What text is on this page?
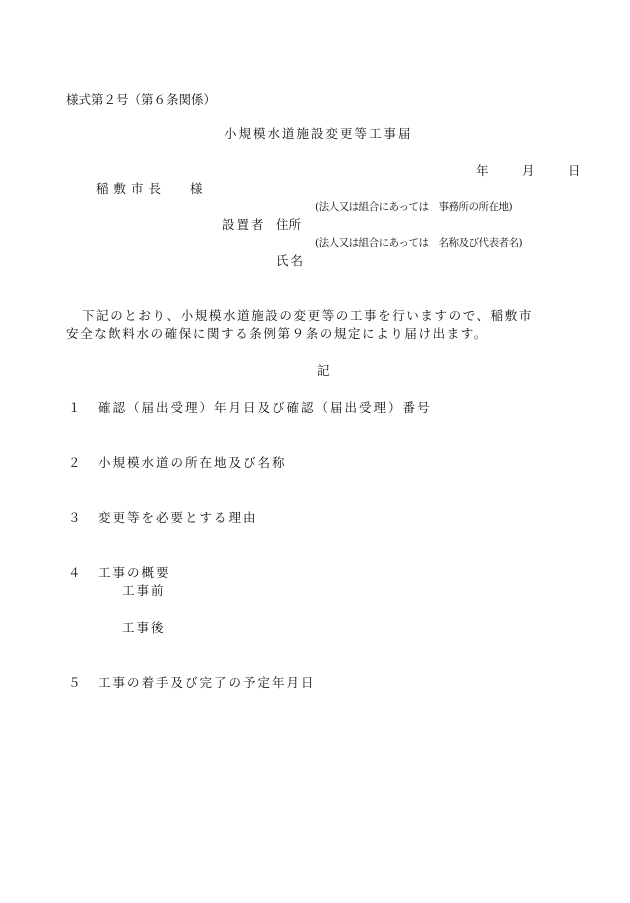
様式第２号（第６条関係）
小規模水道施設変更等工事届
年	月	日
稲敷市長 様
(法人又は組合にあっては　事務所の所在地)
設置者 住所
(法人又は組合にあっては　名称及び代表者名)
氏名
下記のとおり、小規模水道施設の変更等の工事を行いますので、稲敷市
安全な飲料水の確保に関する条例第９条の規定により届け出ます。
記
１ 確認（届出受理）年月日及び確認（届出受理）番号
２ 小規模水道の所在地及び名称
３ 変更等を必要とする理由
４ 工事の概要
工事前
工事後
５ 工事の着手及び完了の予定年月日
